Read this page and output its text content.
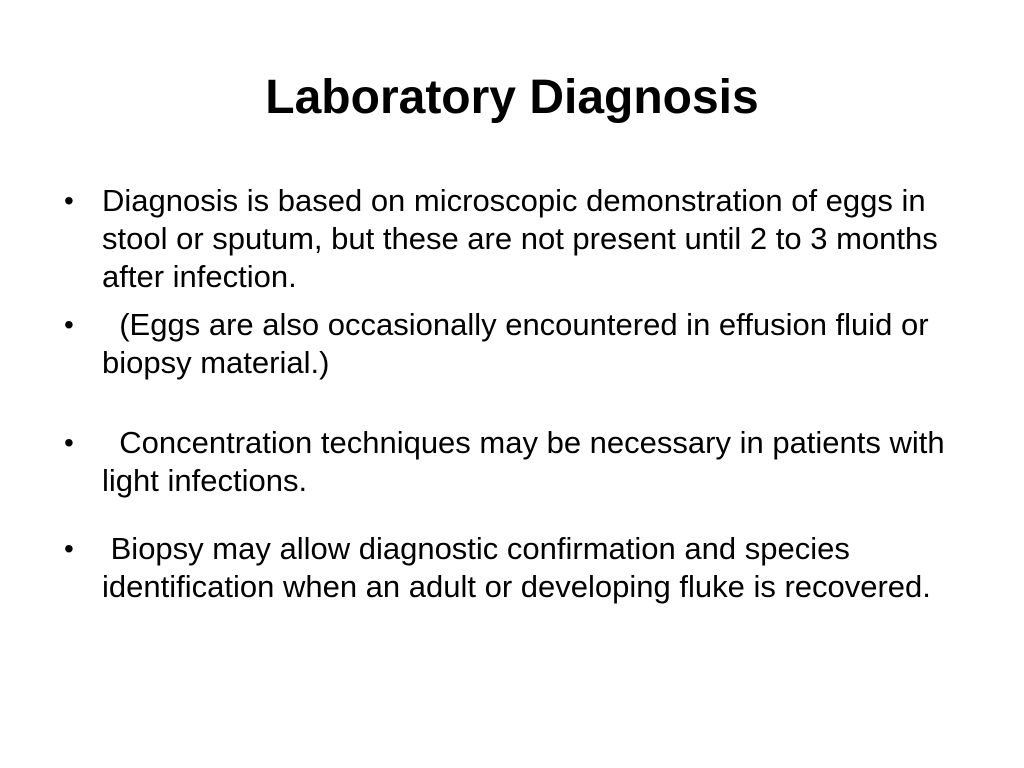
Laboratory Diagnosis
• Diagnosis is based on microscopic demonstration of eggs in stool or sputum, but these are not present until 2 to 3 months after infection.
• (Eggs are also occasionally encountered in effusion fluid or biopsy material.)
• Concentration techniques may be necessary in patients with light infections.
• Biopsy may allow diagnostic confirmation and species identification when an adult or developing fluke is recovered.
